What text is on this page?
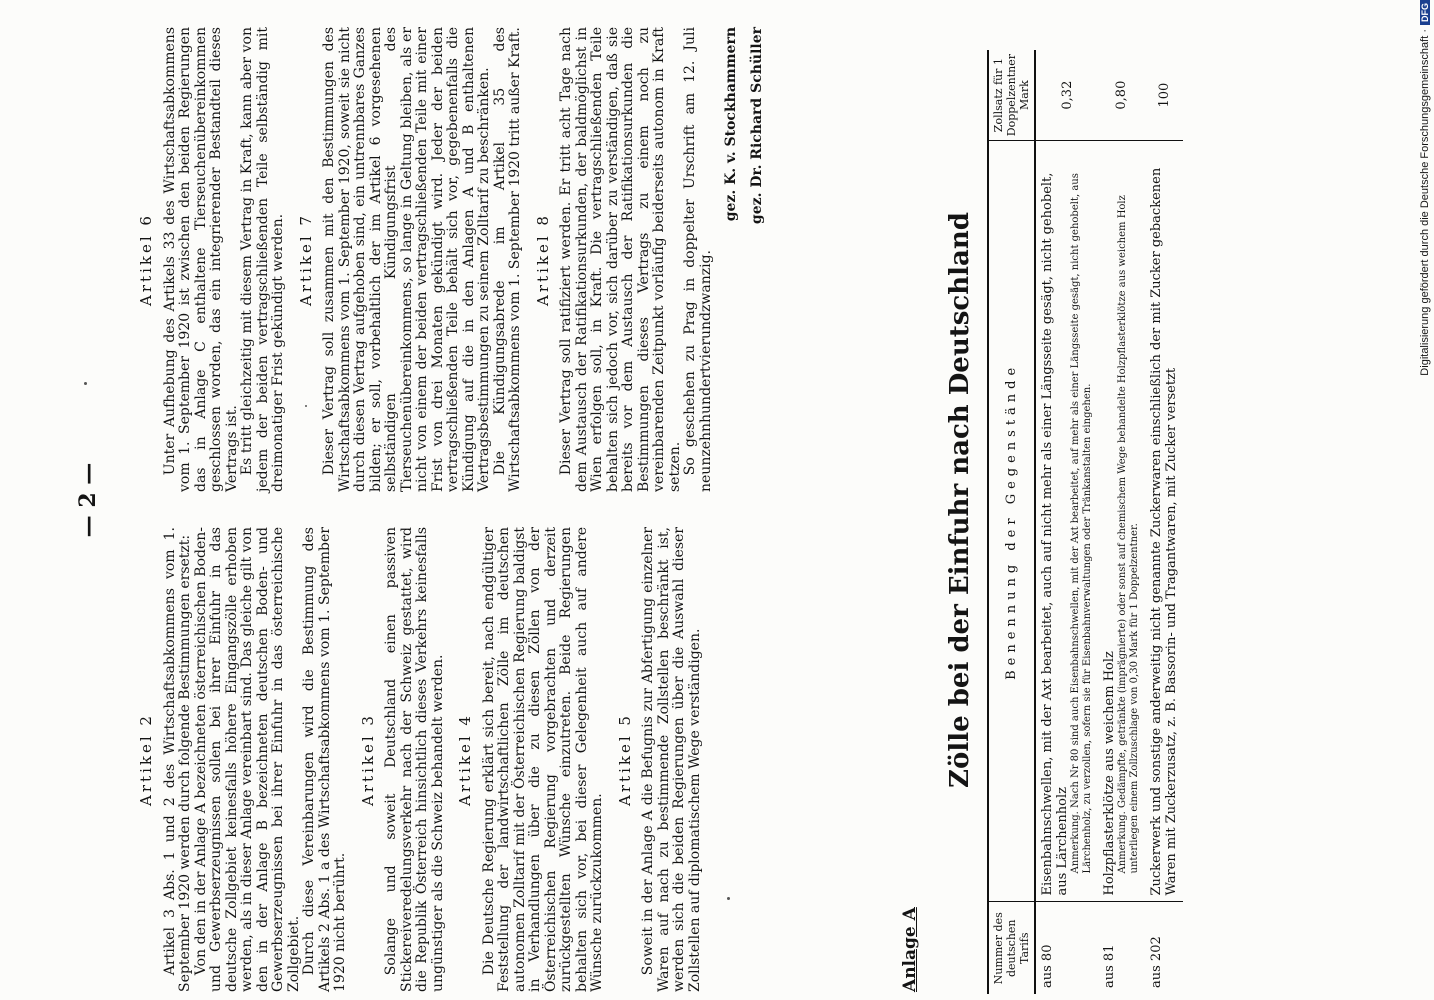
— 2 —
Artikel 2 Artikel 3 Abs. 1 und 2 des Wirtschaftsabkommens vom 1. September 1920 werden durch folgende Bestimmungen ersetzt: Von den in der Anlage A bezeichneten österreichischen Boden- und Gewerbserzeugnissen sollen bei ihrer Einfuhr in das deutsche Zollgebiet keinesfalls höhere Eingangszölle erhoben werden, als in dieser Anlage vereinbart sind. Das gleiche gilt von den in der Anlage B bezeichneten deutschen Boden- und Gewerbserzeugnissen bei ihrer Einfuhr in das österreichische Zollgebiet. Durch diese Vereinbarungen wird die Bestimmung des Artikels 2 Abs. 1 a des Wirtschaftsabkommens vom 1. September 1920 nicht berührt.

Artikel 3 Solange und soweit Deutschland einen passiven Stickereiveredelungsverkehr nach der Schweiz gestattet, wird die Republik Österreich hinsichtlich dieses Verkehrs keinesfalls ungünstiger als die Schweiz behandelt werden. Artikel 4 Die Deutsche Regierung erklärt sich bereit, nach endgültiger Feststellung der landwirtschaftlichen Zölle im deutschen autonomen Zolltarif mit der Österreichischen Regierung baldigst in Verhandlungen über die zu diesen Zöllen von der Österreichischen Regierung vorgebrachten und derzeit zurückgestellten Wünsche einzutreten. Beide Regierungen behalten sich vor, bei dieser Gelegenheit auch auf andere Wünsche zurückzukommen.

Artikel 5 Soweit in der Anlage A die Befugnis zur Abfertigung einzelner Waren auf nach zu bestimmende Zollstellen beschränkt ist, werden sich die beiden Regierungen über die Auswahl dieser Zollstellen auf diplomatischem Wege verständigen.

Artikel 6 Unter Aufhebung des Artikels 33 des Wirtschaftsabkommens vom 1. September 1920 ist zwischen den beiden Regierungen das in Anlage C enthaltene Tierseuchenübereinkommen geschlossen worden, das ein integrierender Bestandteil dieses Vertrags ist. Es tritt gleichzeitig mit diesem Vertrag in Kraft, kann aber von jedem der beiden vertragschließenden Teile selbständig mit dreimonatiger Frist gekündigt werden. Artikel 7 Dieser Vertrag soll zusammen mit den Bestimmungen des Wirtschaftsabkommens vom 1. September 1920, soweit sie nicht durch diesen Vertrag aufgehoben sind, ein untrennbares Ganzes bilden; er soll, vorbehaltlich der im Artikel 6 vorgesehenen selbständigen Kündigungsfrist des Tierseuchenübereinkommens, so lange in Geltung bleiben, als er nicht von einem der beiden vertragschließenden Teile mit einer Frist von drei Monaten gekündigt wird. Jeder der beiden vertragschließenden Teile behält sich vor, gegebenenfalls die Kündigung auf die in den Anlagen A und B enthaltenen Vertragsbestimmungen zu seinem Zolltarif zu beschränken. Die Kündigungsabrede im Artikel 35 des Wirtschaftsabkommens vom 1. September 1920 tritt außer Kraft. Artikel 8 Dieser Vertrag soll ratifiziert werden. Er tritt acht Tage nach dem Austausch der Ratifikationsurkunden, der baldmöglichst in Wien erfolgen soll, in Kraft. Die vertragschließenden Teile behalten sich jedoch vor, sich darüber zu verständigen, daß sie bereits vor dem Austausch der Ratifikationsurkunden die Bestimmungen dieses Vertrags zu einem noch zu vereinbarenden Zeitpunkt vorläufig beiderseits autonom in Kraft setzen. So geschehen zu Prag in doppelter Urschrift am 12. Juli neunzehnhundertvierundzwanzig.

gez. K. v. Stockhammern gez. Dr. Richard Schüller
Anlage A
Zölle bei der Einfuhr nach Deutschland
Nummer des deutschen Tarifs	Benennung der Gegenstände	Zollsatz für 1 Doppelzentner Mark
aus 80	Eisenbahnschwellen, mit der Axt bearbeitet, auch auf nicht mehr als einer Längsseite gesägt, nicht gehobelt, aus Lärchenholz Anmerkung. Nach Nr 80 sind auch Eisenbahnschwellen, mit der Axt bearbeitet, auf mehr als einer Längsseite gesägt, nicht gehobelt, aus Lärchenholz, zu verzollen, sofern sie für Eisenbahnverwaltungen oder Tränkanstalten eingehen.	0,32
aus 81	Holzpflasterklötze aus weichem Holz Anmerkung. Gedämpfte, getränkte (imprägnierte) oder sonst auf chemischem Wege behandelte Holzpflasterklötze aus weichem Holz unterliegen einem Zollzuschlage von 0,30 Mark für 1 Doppelzentner.	0,80
aus 202	Zuckerwerk und sonstige anderweitig nicht genannte Zuckerwaren einschließlich der mit Zucker gebackenen Waren mit Zuckerzusatz, z. B. Bassorin- und Tragantwaren, mit Zucker versetzt	100	Digitalisierung gefördert durch die Deutsche Forschungsgemeinschaft ·DFG
